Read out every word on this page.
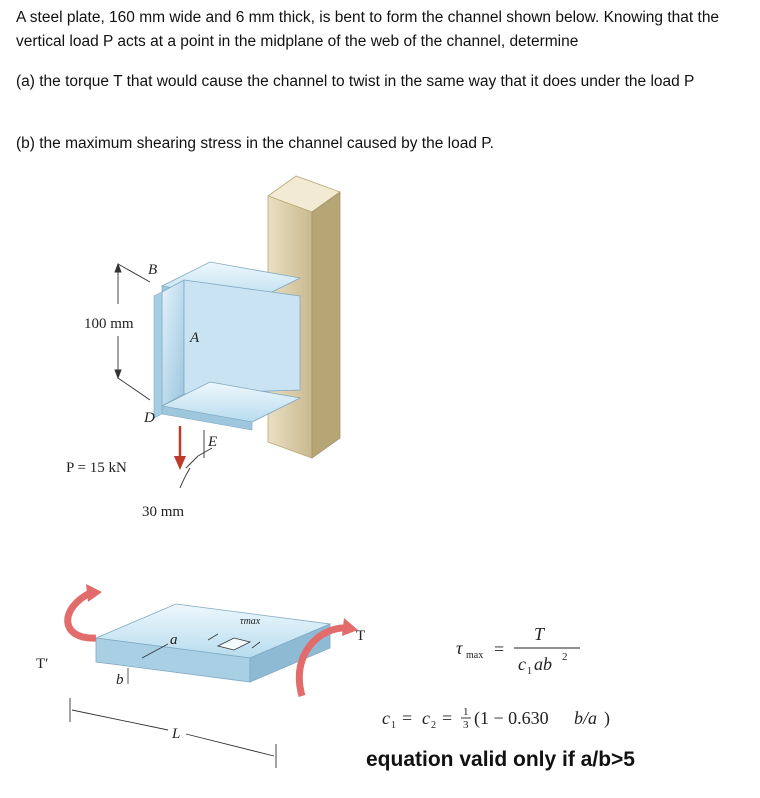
A steel plate, 160 mm wide and 6 mm thick, is bent to form the channel shown below. Knowing that the vertical load P acts at a point in the midplane of the web of the channel, determine

(a) the torque T that would cause the channel to twist in the same way that it does under the load P

(b) the maximum shearing stress in the channel caused by the load P.

B
A
D
E
100 mm
30 mm
P = 15 kN
T′
T
a
b
L
τmax
τ max =
T
c 1 ab 2
c 1 = c 2 = 1
3 (1 − 0.630 b/a )

equation valid only if a/b>5
